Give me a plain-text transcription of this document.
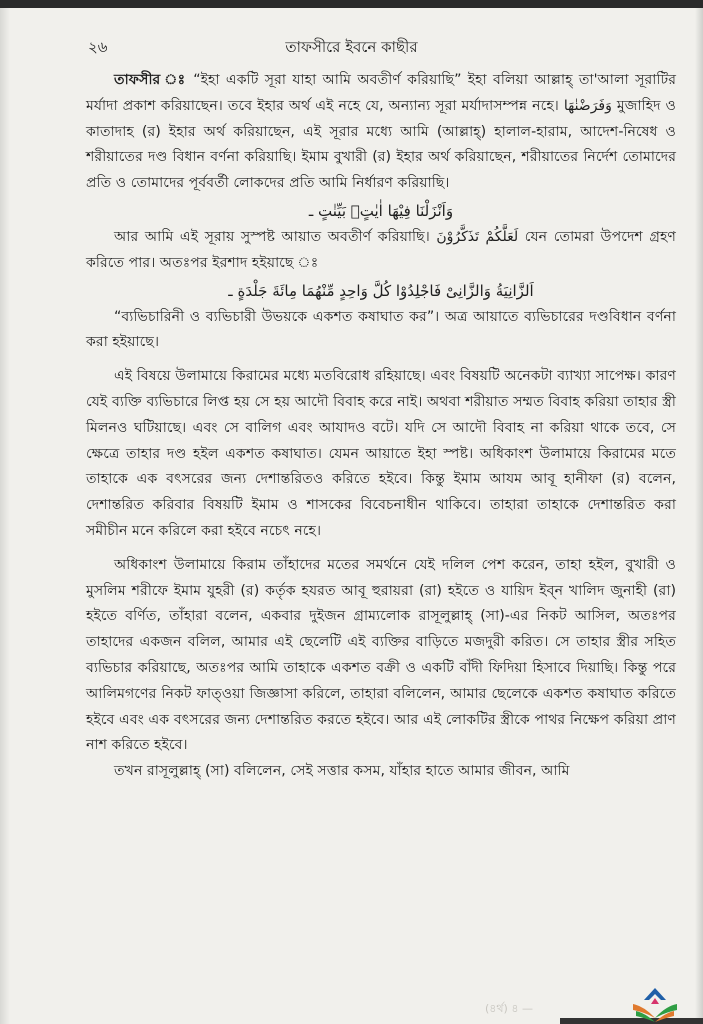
২৬	তাফসীরে ইবনে কাছীর

তাফসীর ঃ “ইহা একটি সূরা যাহা আমি অবতীর্ণ করিয়াছি” ইহা বলিয়া আল্লাহ্ তা'আলা সূরাটির মর্যাদা প্রকাশ করিয়াছেন। তবে ইহার অর্থ এই নহে যে, অন্যান্য সূরা মর্যাদাসম্পন্ন নহে। وَفَرَضْنٰهَا মুজাহিদ ও কাতাদাহ (র) ইহার অর্থ করিয়াছেন, এই সূরার মধ্যে আমি (আল্লাহ্) হালাল-হারাম, আদেশ-নিষেধ ও শরীয়াতের দণ্ড বিধান বর্ণনা করিয়াছি। ইমাম বুখারী (র) ইহার অর্থ করিয়াছেন, শরীয়াতের নির্দেশ তোমাদের প্রতি ও তোমাদের পূর্ববর্তী লোকদের প্রতি আমি নির্ধারণ করিয়াছি।

وَاَنْزَلْنَا فِيْهَا اٰيٰتٍۢ بَيِّنٰتٍ ـ

আর আমি এই সূরায় সুস্পষ্ট আয়াত অবতীর্ণ করিয়াছি। لَعَلَّكُمْ تَذَكَّرُوْنَ যেন তোমরা উপদেশ গ্রহণ করিতে পার। অতঃপর ইরশাদ হইয়াছে ঃ

اَلزَّانِيَةُ وَالزَّانِىْ فَاجْلِدُوْا كُلَّ وَاحِدٍ مِّنْهُمَا مِائَةَ جَلْدَةٍ ـ

“ব্যভিচারিনী ও ব্যভিচারী উভয়কে একশত কষাঘাত কর”। অত্র আয়াতে ব্যভিচারের দণ্ডবিধান বর্ণনা করা হইয়াছে।

এই বিষয়ে উলামায়ে কিরামের মধ্যে মতবিরোধ রহিয়াছে। এবং বিষয়টি অনেকটা ব্যাখ্যা সাপেক্ষ। কারণ যেই ব্যক্তি ব্যভিচারে লিপ্ত হয় সে হয় আদৌ বিবাহ করে নাই। অথবা শরীয়াত সম্মত বিবাহ করিয়া তাহার স্ত্রী মিলনও ঘটিয়াছে। এবং সে বালিগ এবং আযাদও বটে। যদি সে আদৌ বিবাহ না করিয়া থাকে তবে, সে ক্ষেত্রে তাহার দণ্ড হইল একশত কষাঘাত। যেমন আয়াতে ইহা স্পষ্ট। অধিকাংশ উলামায়ে কিরামের মতে তাহাকে এক বৎসরের জন্য দেশান্তরিতও করিতে হইবে। কিন্তু ইমাম আযম আবূ হানীফা (র) বলেন, দেশান্তরিত করিবার বিষয়টি ইমাম ও শাসকের বিবেচনাধীন থাকিবে। তাহারা তাহাকে দেশান্তরিত করা সমীচীন মনে করিলে করা হইবে নচেৎ নহে।

অধিকাংশ উলামায়ে কিরাম তাঁহাদের মতের সমর্থনে যেই দলিল পেশ করেন, তাহা হইল, বুখারী ও মুসলিম শরীফে ইমাম যুহরী (র) কর্তৃক হযরত আবূ হুরায়রা (রা) হইতে ও যায়িদ ইব্ন খালিদ জুনাহী (রা) হইতে বর্ণিত, তাঁহারা বলেন, একবার দুইজন গ্রাম্যলোক রাসূলুল্লাহ্ (সা)-এর নিকট আসিল, অতঃপর তাহাদের একজন বলিল, আমার এই ছেলেটি এই ব্যক্তির বাড়িতে মজদুরী করিত। সে তাহার স্ত্রীর সহিত ব্যভিচার করিয়াছে, অতঃপর আমি তাহাকে একশত বক্রী ও একটি বাঁদী ফিদিয়া হিসাবে দিয়াছি। কিন্তু পরে আলিমগণের নিকট ফাত্ওয়া জিজ্ঞাসা করিলে, তাহারা বলিলেন, আমার ছেলেকে একশত কষাঘাত করিতে হইবে এবং এক বৎসরের জন্য দেশান্তরিত করতে হইবে। আর এই লোকটির স্ত্রীকে পাথর নিক্ষেপ করিয়া প্রাণ নাশ করিতে হইবে।

তখন রাসূলুল্লাহ্ (সা) বলিলেন, সেই সত্তার কসম, যাঁহার হাতে আমার জীবন, আমি

(৪র্থ) ৪ —
